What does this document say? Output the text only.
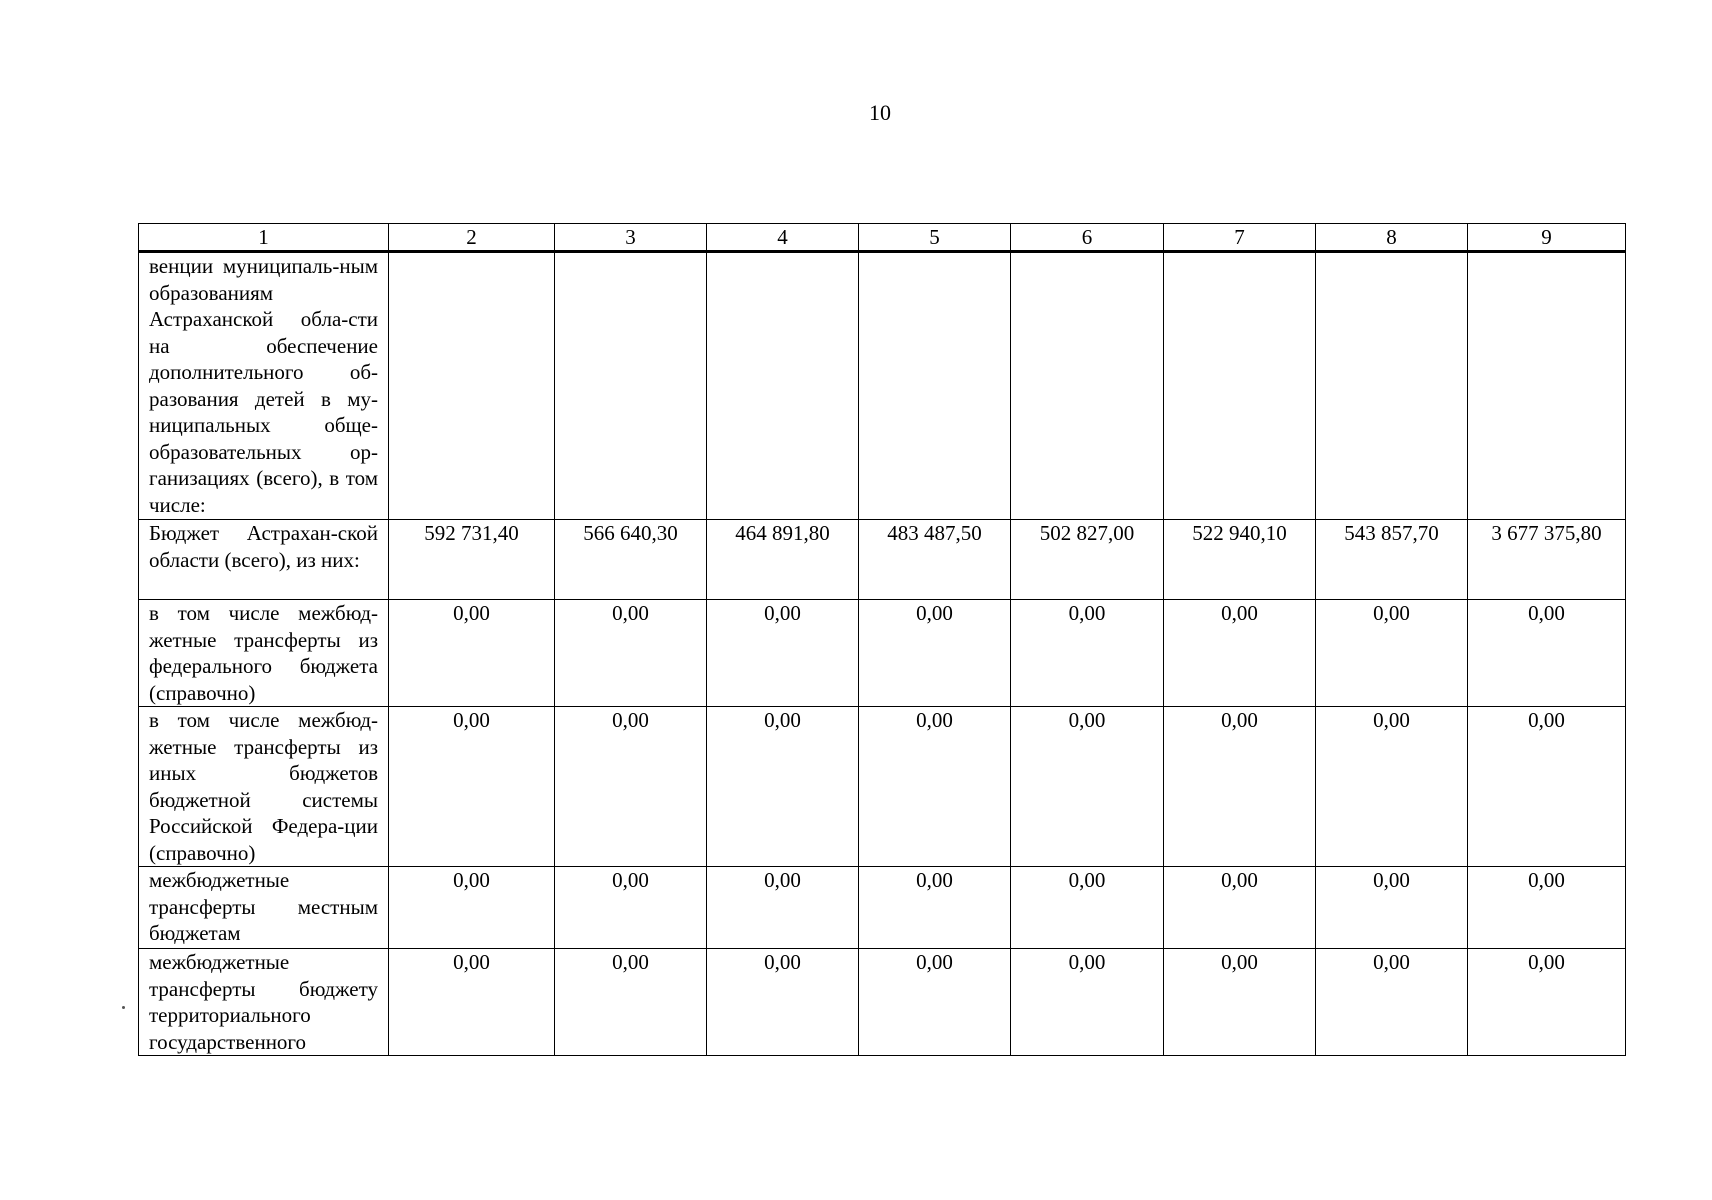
10
1	2	3	4	5	6	7	8	9
венции муниципаль-ным образованиям Астраханской обла-сти на обеспечение дополнительного об-разования детей в му-ниципальных обще-образовательных ор-ганизациях (всего), в том числе:								
Бюджет Астрахан-ской области (всего), из них:	592 731,40	566 640,30	464 891,80	483 487,50	502 827,00	522 940,10	543 857,70	3 677 375,80
в том числе межбюд-жетные трансферты из федерального бюджета (справочно)	0,00	0,00	0,00	0,00	0,00	0,00	0,00	0,00
в том числе межбюд-жетные трансферты из иных бюджетов бюджетной системы Российской Федера-ции (справочно)	0,00	0,00	0,00	0,00	0,00	0,00	0,00	0,00
межбюджетные трансферты местным бюджетам	0,00	0,00	0,00	0,00	0,00	0,00	0,00	0,00
межбюджетные трансферты бюджету территориального государственного	0,00	0,00	0,00	0,00	0,00	0,00	0,00	0,00
